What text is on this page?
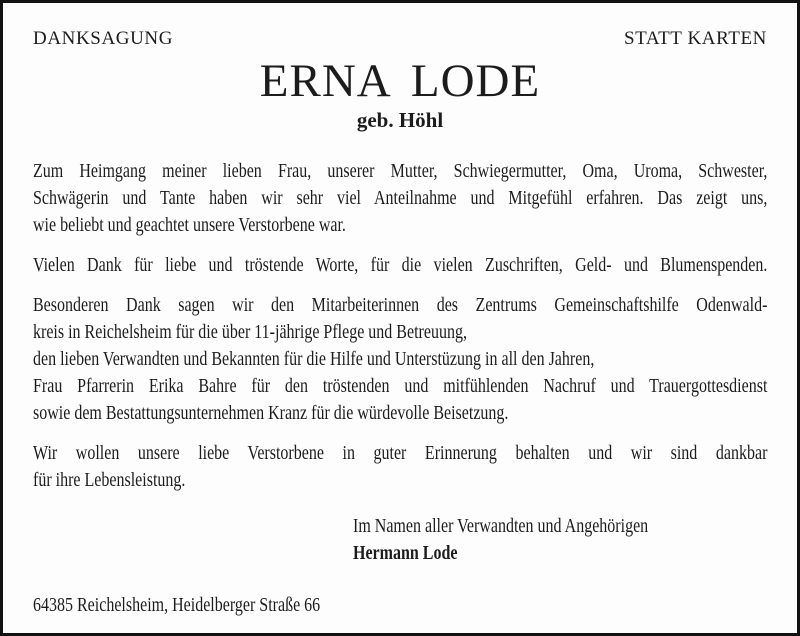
DANKSAGUNG	STATT KARTEN
ERNA LODE
geb. Höhl
Zum Heimgang meiner lieben Frau, unserer Mutter, Schwiegermutter, Oma, Uroma, Schwester,
Schwägerin und Tante haben wir sehr viel Anteilnahme und Mitgefühl erfahren. Das zeigt uns,
wie beliebt und geachtet unsere Verstorbene war.
Vielen Dank für liebe und tröstende Worte, für die vielen Zuschriften, Geld- und Blumenspenden.
Besonderen Dank sagen wir den Mitarbeiterinnen des Zentrums Gemeinschaftshilfe Odenwald-
kreis in Reichelsheim für die über 11-jährige Pflege und Betreuung,
den lieben Verwandten und Bekannten für die Hilfe und Unterstüzung in all den Jahren,
Frau Pfarrerin Erika Bahre für den tröstenden und mitfühlenden Nachruf und Trauergottesdienst
sowie dem Bestattungsunternehmen Kranz für die würdevolle Beisetzung.
Wir wollen unsere liebe Verstorbene in guter Erinnerung behalten und wir sind dankbar
für ihre Lebensleistung.
Im Namen aller Verwandten und Angehörigen
Hermann Lode
64385 Reichelsheim, Heidelberger Straße 66
